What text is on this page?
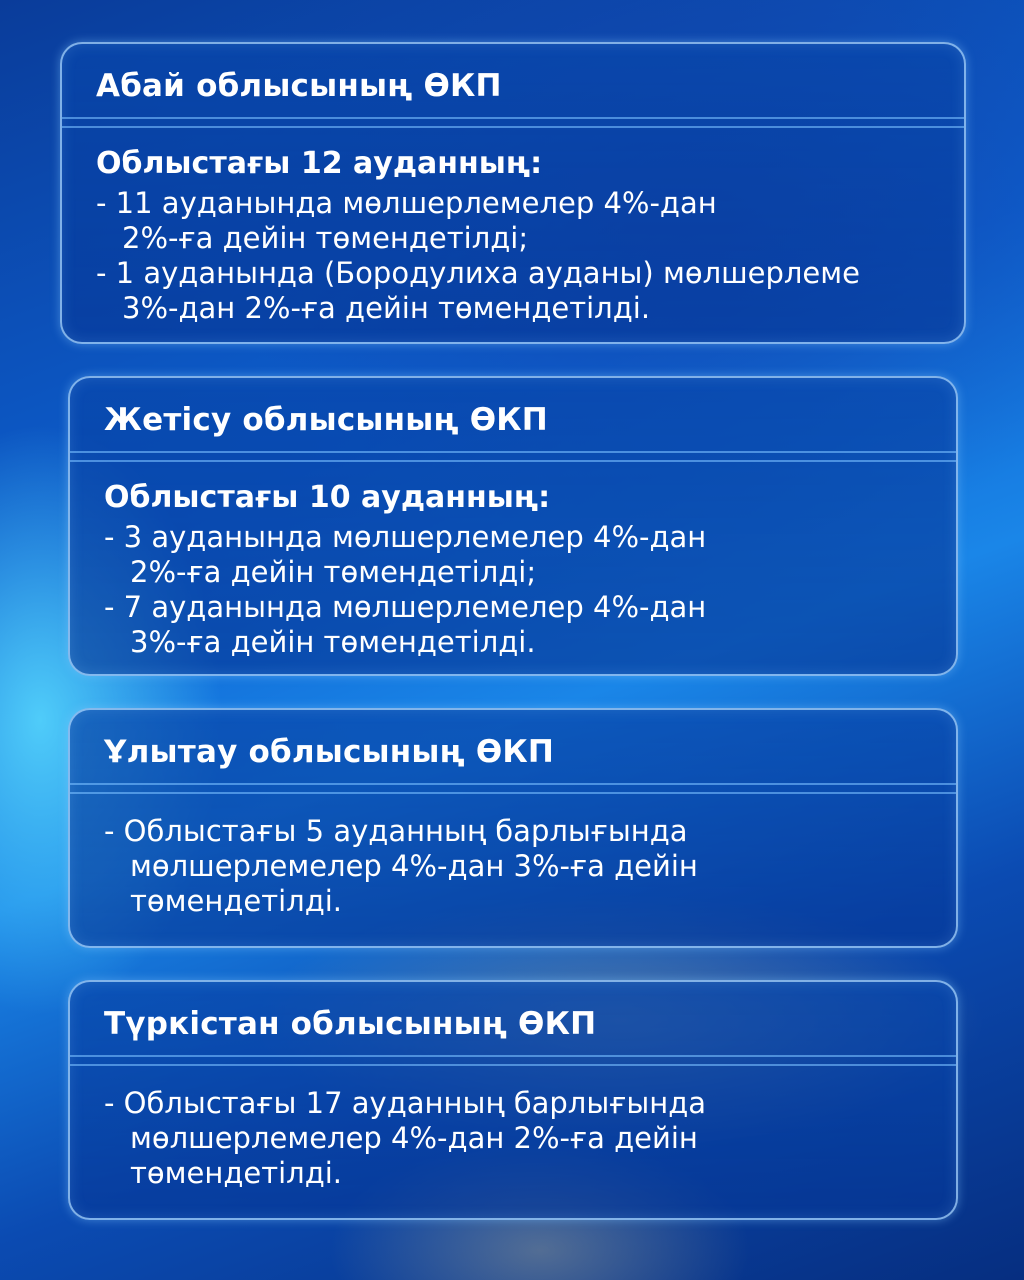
Абай облысының ӨКП
Облыстағы 12 ауданның:
- 11 ауданында мөлшерлемелер 4%-дан
2%-ға дейін төмендетілді;
- 1 ауданында (Бородулиха ауданы) мөлшерлеме
3%-дан 2%-ға дейін төмендетілді.
Жетісу облысының ӨКП
Облыстағы 10 ауданның:
- 3 ауданында мөлшерлемелер 4%-дан
2%-ға дейін төмендетілді;
- 7 ауданында мөлшерлемелер 4%-дан
3%-ға дейін төмендетілді.
Ұлытау облысының ӨКП
- Облыстағы 5 ауданның барлығында
мөлшерлемелер 4%-дан 3%-ға дейін
төмендетілді.
Түркістан облысының ӨКП
- Облыстағы 17 ауданның барлығында
мөлшерлемелер 4%-дан 2%-ға дейін
төмендетілді.
